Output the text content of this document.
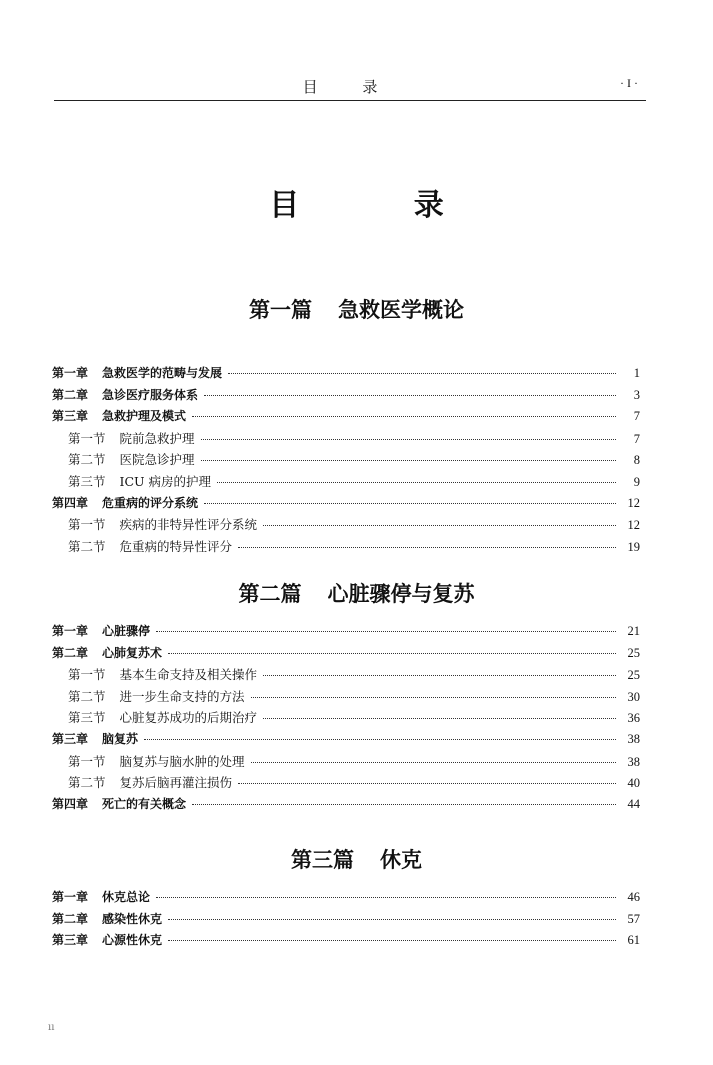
目 录	· I ·
目 录
第一篇 急救医学概论
第一章 急救医学的范畴与发展	1
第二章 急诊医疗服务体系	3
第三章 急救护理及模式	7
第一节 院前急救护理	7
第二节 医院急诊护理	8
第三节 ICU 病房的护理	9
第四章 危重病的评分系统	12
第一节 疾病的非特异性评分系统	12
第二节 危重病的特异性评分	19
第二篇 心脏骤停与复苏
第一章 心脏骤停	21
第二章 心肺复苏术	25
第一节 基本生命支持及相关操作	25
第二节 进一步生命支持的方法	30
第三节 心脏复苏成功的后期治疗	36
第三章 脑复苏	38
第一节 脑复苏与脑水肿的处理	38
第二节 复苏后脑再灌注损伤	40
第四章 死亡的有关概念	44
第三篇 休克
第一章 休克总论	46
第二章 感染性休克	57
第三章 心源性休克	61
ıı
